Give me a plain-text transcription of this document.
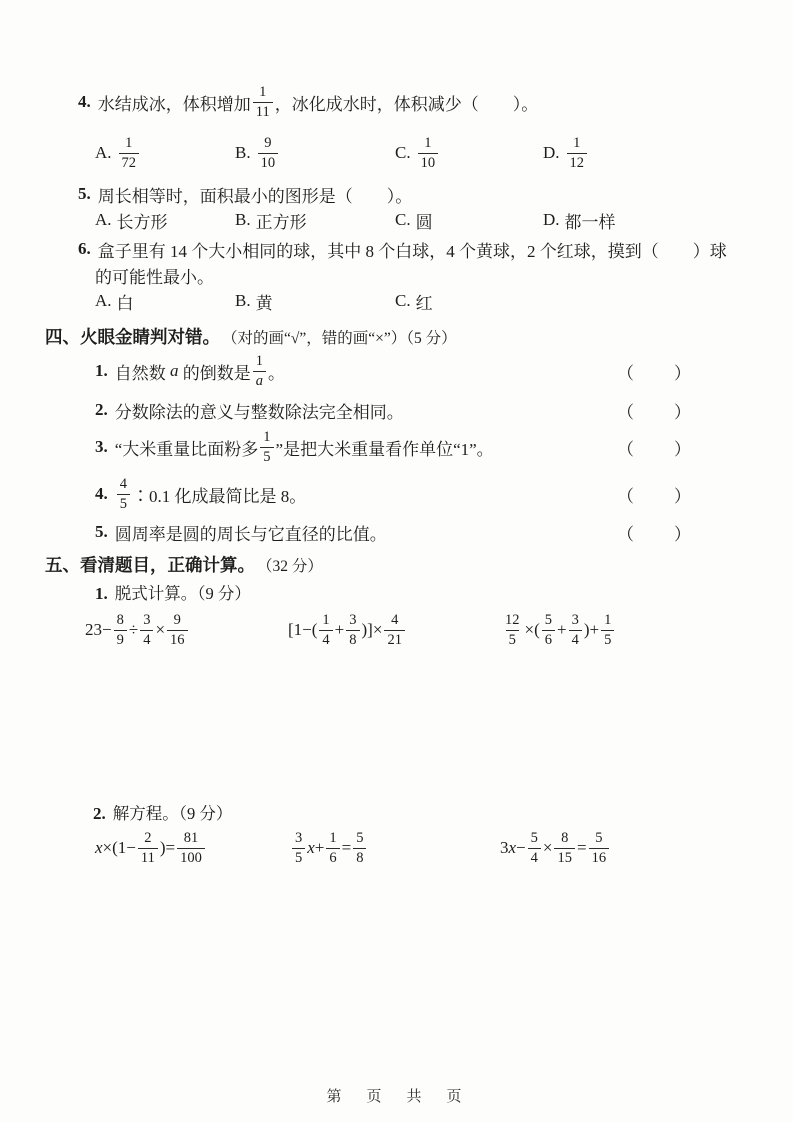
4. 水结成冰，体积增加 $\frac{1}{11}$ ，冰化成水时，体积减少（　　）。
A. $\frac{1}{72}$	B. $\frac{9}{10}$	C. $\frac{1}{10}$	D. $\frac{1}{12}$
5. 周长相等时，面积最小的图形是（　　）。
A. 长方形	B. 正方形	C. 圆	D. 都一样
6. 盒子里有 14 个大小相同的球，其中 8 个白球，4 个黄球，2 个红球，摸到（　　）球
的可能性最小。
A. 白	B. 黄	C. 红
四、火眼金睛判对错。 （对的画“√”，错的画“×”）（5 分）
1. 自然数 a 的倒数是 $\frac{1}{a}$ 。	（　　）
2. 分数除法的意义与整数除法完全相同。	（　　）
3. “大米重量比面粉多 $\frac{1}{5}$ ”是把大米重量看作单位“1”。	（　　）
4. $\frac{4}{5}$ ∶0.1 化成最简比是 8。	（　　）
5. 圆周率是圆的周长与它直径的比值。	（　　）
五、看清题目，正确计算。 （32 分）
1. 脱式计算。（9 分）
$23- \frac{8}{9} \div \frac{3}{4} \times \frac{9}{16}$	[$1-( \frac{1}{4} + \frac{3}{8}$ )]× $\frac{4}{21}$	$\frac{12}{5}$ ×( $\frac{5}{6} + \frac{3}{4}$ )+ $\frac{1}{5}$
2. 解方程。（9 分）
$x \times(1- \frac{2}{11}$ )= $\frac{81}{100}$	$\frac{3}{5}$ $x + \frac{1}{6} = \frac{5}{8}$	3 $x - \frac{5}{4} \times \frac{8}{15} = \frac{5}{16}$
第　页　共　页
